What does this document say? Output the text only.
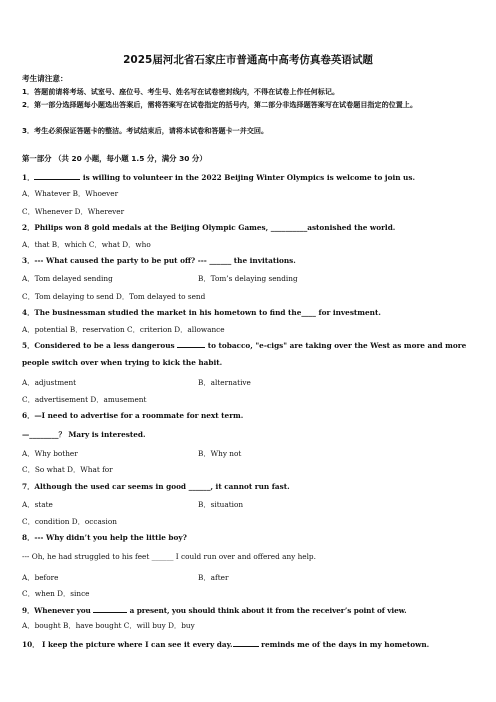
2025届河北省石家庄市普通高中高考仿真卷英语试题
考生请注意：
1．答题前请将考场、试室号、座位号、考生号、姓名写在试卷密封线内，不得在试卷上作任何标记。
2．第一部分选择题每小题选出答案后，需将答案写在试卷指定的括号内，第二部分非选择题答案写在试卷题目指定的位置上。
3．考生必须保证答题卡的整洁。考试结束后，请将本试卷和答题卡一并交回。
第一部分 （共 20 小题，每小题 1.5 分，满分 30 分）
1．	is willing to volunteer in the 2022 Beijing Winter Olympics is welcome to join us.
A．Whatever B．Whoever
C．Whenever D．Wherever
2．Philips won 8 gold medals at the Beijing Olympic Games, __________astonished the world.
A．that B．which C．what D．who
3．--- What caused the party to be put off? --- ______ the invitations.
A．Tom delayed sending	B．Tom’s delaying sending
C．Tom delaying to send D．Tom delayed to send
4．The businessman studied the market in his hometown to find the____ for investment.
A．potential B．reservation C．criterion D．allowance
5．Considered to be a less dangerous	to tobacco, "e-cigs" are taking over the West as more and more people switch over when trying to kick the habit.
A．adjustment	B．alternative
C．advertisement D．amusement
6．—I need to advertise for a roommate for next term.
—________？ Mary is interested.
A．Why bother	B．Why not
C．So what D．What for
7．Although the used car seems in good ______, it cannot run fast.
A．state	B．situation
C．condition D．occasion
8．--- Why didn’t you help the little boy?
--- Oh, he had struggled to his feet ______ I could run over and offered any help.
A．before	B．after
C．when D．since
9．Whenever you	a present, you should think about it from the receiver’s point of view.
A．bought B．have bought C．will buy D．buy
10． I keep the picture where I can see it every day.	reminds me of the days in my hometown.
